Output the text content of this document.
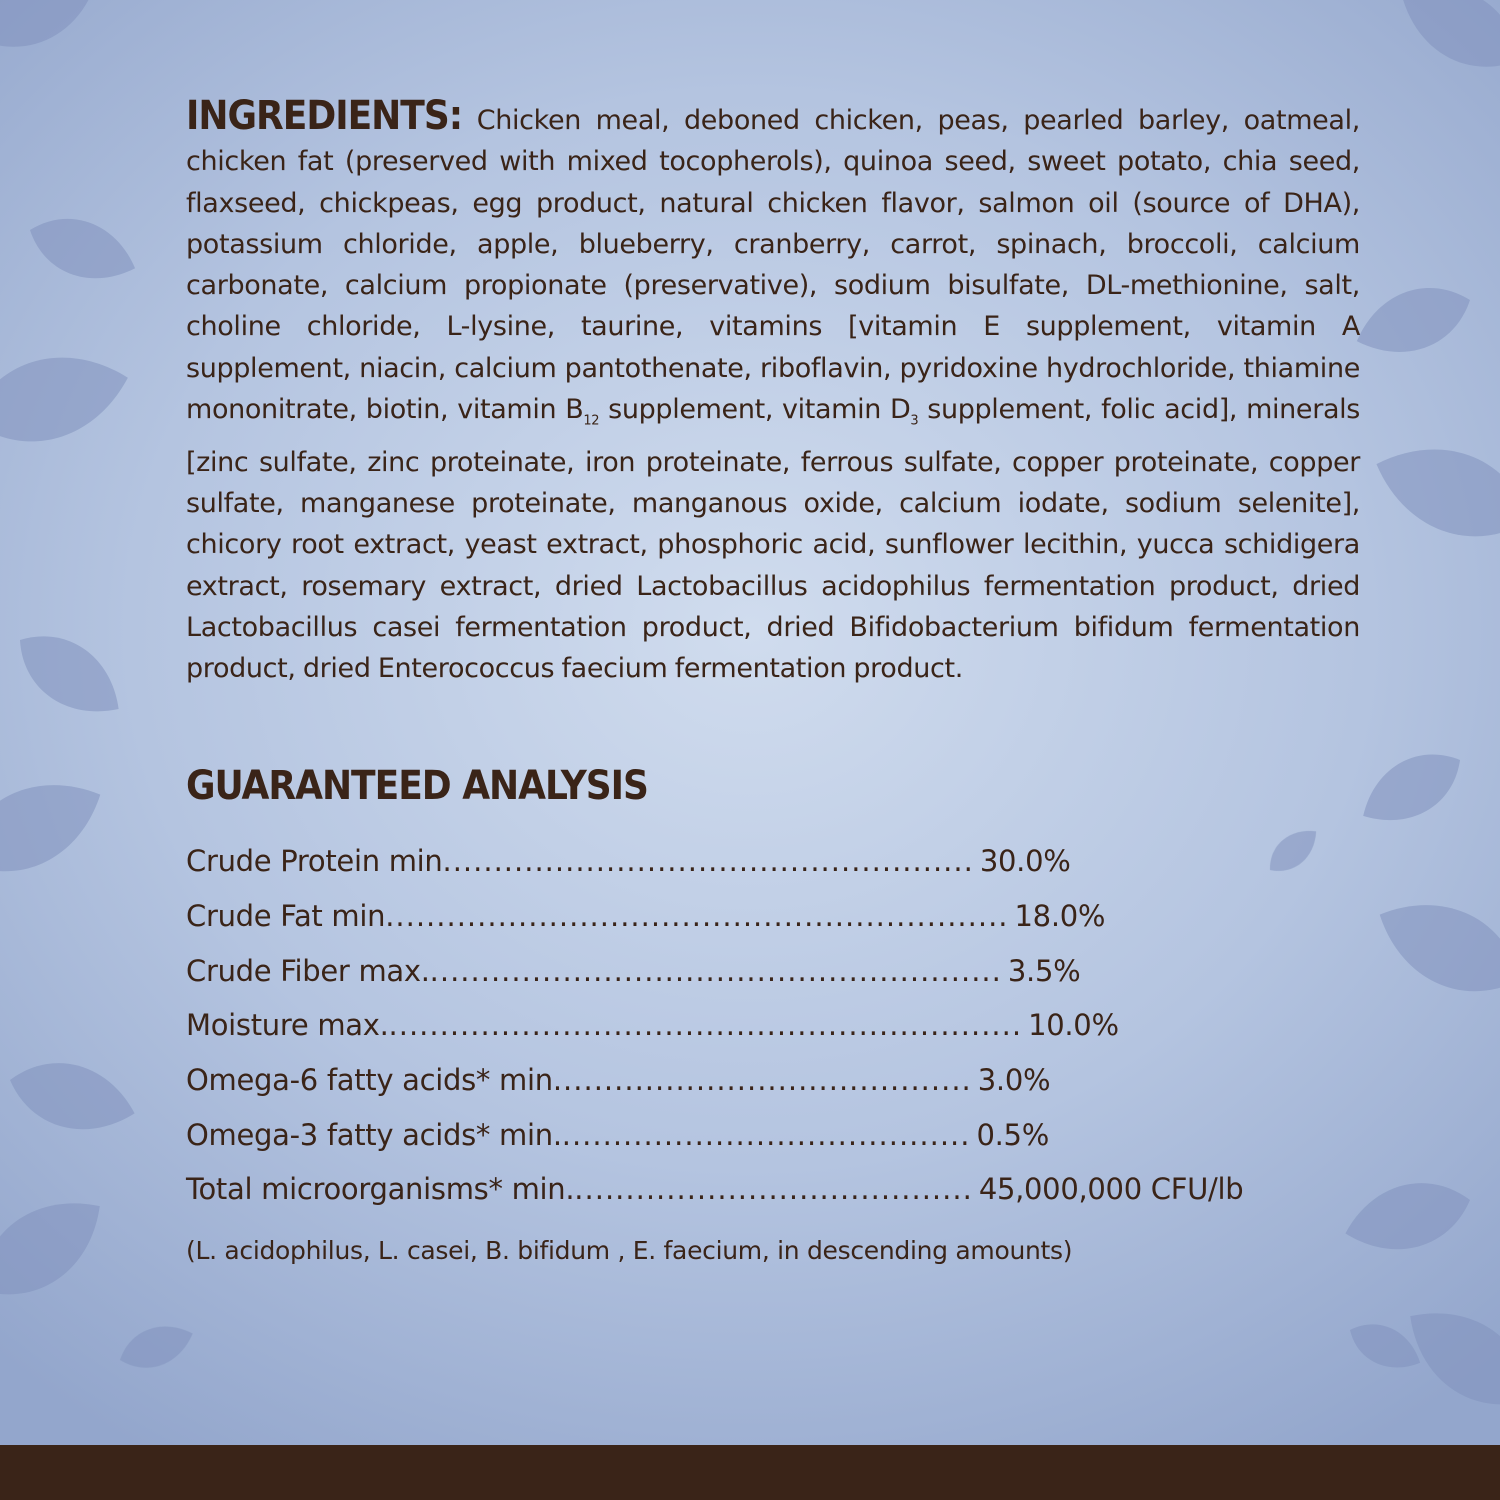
INGREDIENTS: Chicken meal, deboned chicken, peas, pearled barley, oatmeal, chicken fat (preserved with mixed tocopherols), quinoa seed, sweet potato, chia seed, flaxseed, chickpeas, egg product, natural chicken flavor, salmon oil (source of DHA), potassium chloride, apple, blueberry, cranberry, carrot, spinach, broccoli, calcium carbonate, calcium propionate (preservative), sodium bisulfate, DL-methionine, salt, choline chloride, L-lysine, taurine, vitamins [vitamin E supplement, vitamin A supplement, niacin, calcium pantothenate, riboflavin, pyridoxine hydrochloride, thiamine mononitrate, biotin, vitamin $B_{12}$ supplement, vitamin $D_3$ supplement, folic acid], minerals [zinc sulfate, zinc proteinate, iron proteinate, ferrous sulfate, copper proteinate, copper sulfate, manganese proteinate, manganous oxide, calcium iodate, sodium selenite], chicory root extract, yeast extract, phosphoric acid, sunflower lecithin, yucca schidigera extract, rosemary extract, dried Lactobacillus acidophilus fermentation product, dried Lactobacillus casei fermentation product, dried Bifidobacterium bifidum fermentation product, dried Enterococcus faecium fermentation product.

GUARANTEED ANALYSIS
Crude Protein min .................................................... 30.0%
Crude Fat min ............................................................. 18.0%
Crude Fiber max. ........................................................ 3.5%
Moisture max. .............................................................. 10.0%
Omega-6 fatty acids* min ......................................... 3.0%
Omega-3 fatty acids* min. ........................................ 0.5%
Total microorganisms* min. ....................................... 45,000,000 CFU/lb
(L. acidophilus, L. casei, B. bifidum , E. faecium, in descending amounts)
